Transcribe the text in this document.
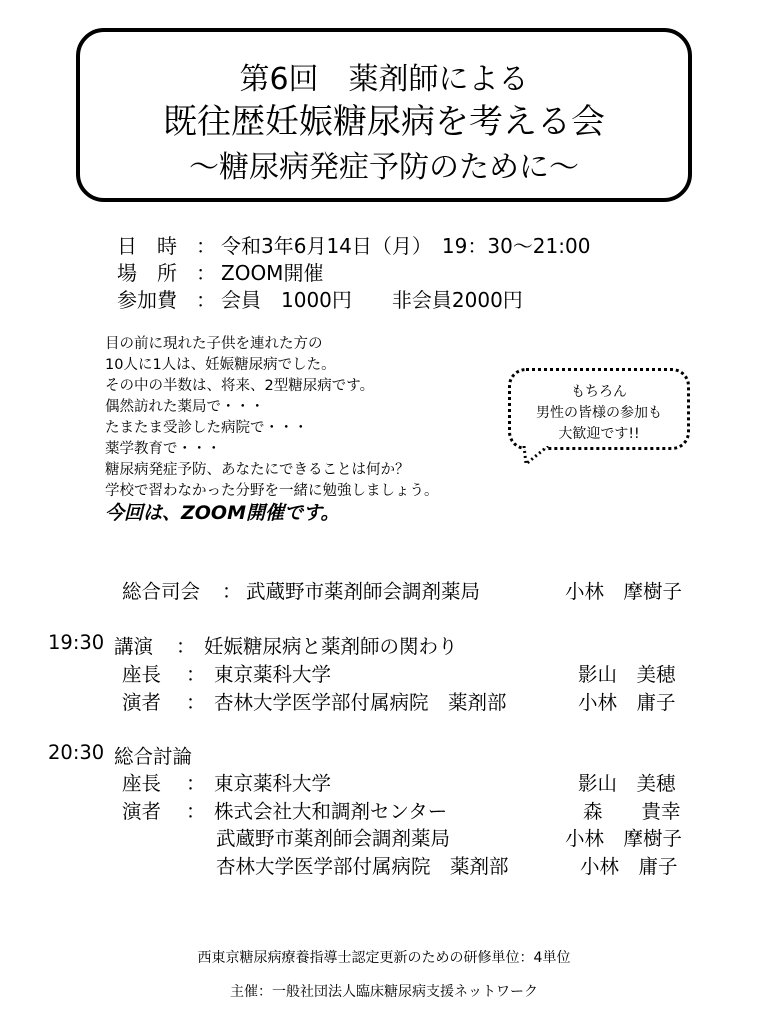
第6回　薬剤師による
既往歴妊娠糖尿病を考える会
～糖尿病発症予防のために～
日　時 ： 令和3年6月14日（月）　19：30～21:00
場　所 ： ZOOM開催
参加費 ： 会員　1000円　　非会員2000円
目の前に現れた子供を連れた方の
10人に1人は、妊娠糖尿病でした。
その中の半数は、将来、2型糖尿病です。
偶然訪れた薬局で・・・
たまたま受診した病院で・・・
薬学教育で・・・
糖尿病発症予防、あなたにできることは何か？
学校で習わなかった分野を一緒に勉強しましょう。
今回は、ZOOM開催です。
もちろん
男性の皆様の参加も
大歓迎です!!
総合司会 ： 武蔵野市薬剤師会調剤薬局	小林　摩樹子
19:30 講演 ： 妊娠糖尿病と薬剤師の関わり
座長 ： 東京薬科大学	影山　美穂
演者 ： 杏林大学医学部付属病院　薬剤部	小林　庸子
20:30 総合討論
座長 ： 東京薬科大学	影山　美穂
演者 ： 株式会社大和調剤センター	森　　貴幸
武蔵野市薬剤師会調剤薬局	小林　摩樹子
杏林大学医学部付属病院　薬剤部	小林　庸子
西東京糖尿病療養指導士認定更新のための研修単位：4単位
主催：一般社団法人臨床糖尿病支援ネットワーク
